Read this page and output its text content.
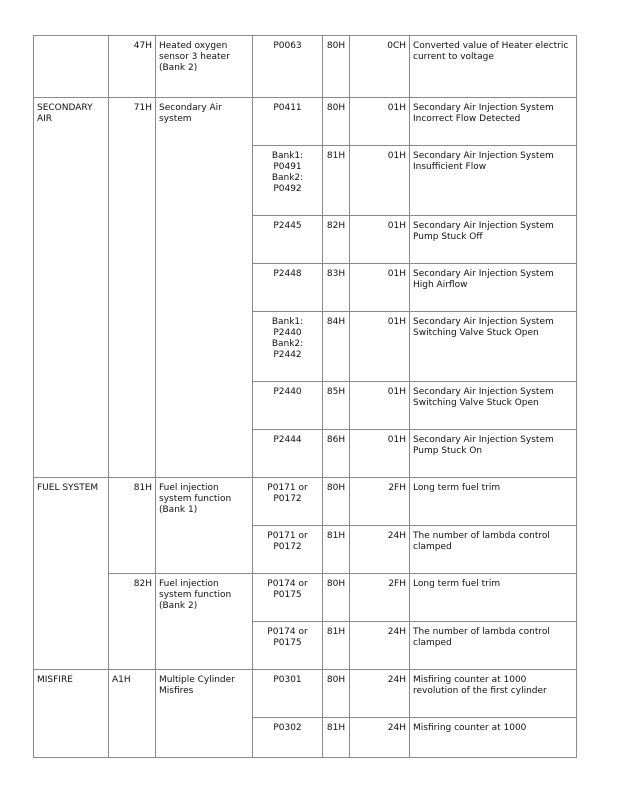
	47H	Heated oxygen sensor 3 heater (Bank 2)	P0063	80H	0CH	Converted value of Heater electric current to voltage
SECONDARY AIR	71H	Secondary Air system	P0411	80H	01H	Secondary Air Injection System Incorrect Flow Detected

			Bank1:
P0491
Bank2:
P0492	81H	01H	Secondary Air Injection System Insufficient Flow

			P2445	82H	01H	Secondary Air Injection System Pump Stuck Off

			P2448	83H	01H	Secondary Air Injection System High Airflow

			Bank1:
P2440
Bank2:
P2442	84H	01H	Secondary Air Injection System Switching Valve Stuck Open

			P2440	85H	01H	Secondary Air Injection System Switching Valve Stuck Open

			P2444	86H	01H	Secondary Air Injection System Pump Stuck On
FUEL SYSTEM	81H	Fuel injection system function (Bank 1)	P0171 or
P0172	80H	2FH	Long term fuel trim

			P0171 or
P0172	81H	24H	The number of lambda control clamped
	82H	Fuel injection system function (Bank 2)	P0174 or
P0175	80H	2FH	Long term fuel trim

			P0174 or
P0175	81H	24H	The number of lambda control clamped
MISFIRE	A1H	Multiple Cylinder Misfires	P0301	80H	24H	Misfiring counter at 1000 revolution of the first cylinder

			P0302	81H	24H	Misfiring counter at 1000
